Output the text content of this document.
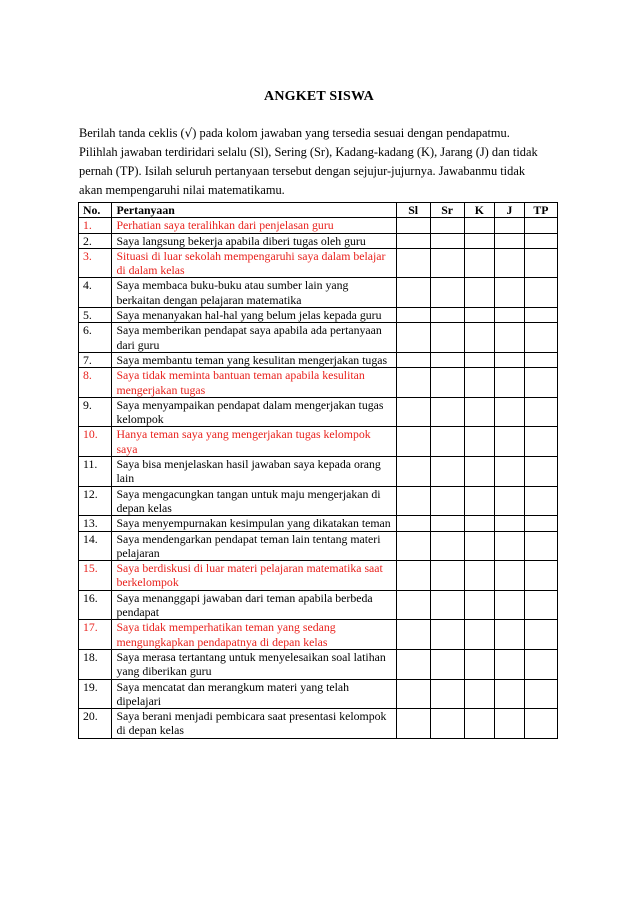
ANGKET SISWA

Berilah tanda ceklis (√) pada kolom jawaban yang tersedia sesuai dengan pendapatmu.

Pilihlah jawaban terdiridari selalu (Sl), Sering (Sr), Kadang-kadang (K), Jarang (J) dan tidak

pernah (TP). Isilah seluruh pertanyaan tersebut dengan sejujur-jujurnya. Jawabanmu tidak

akan mempengaruhi nilai matematikamu.

No.	Pertanyaan	Sl	Sr	K	J	TP
1.	Perhatian saya teralihkan dari penjelasan guru					
2.	Saya langsung bekerja apabila diberi tugas oleh guru					
3.	Situasi di luar sekolah mempengaruhi saya dalam belajar di dalam kelas					
4.	Saya membaca buku-buku atau sumber lain yang berkaitan dengan pelajaran matematika					
5.	Saya menanyakan hal-hal yang belum jelas kepada guru					
6.	Saya memberikan pendapat saya apabila ada pertanyaan dari guru					
7.	Saya membantu teman yang kesulitan mengerjakan tugas					
8.	Saya tidak meminta bantuan teman apabila kesulitan mengerjakan tugas					
9.	Saya menyampaikan pendapat dalam mengerjakan tugas kelompok					
10.	Hanya teman saya yang mengerjakan tugas kelompok saya					
11.	Saya bisa menjelaskan hasil jawaban saya kepada orang lain					
12.	Saya mengacungkan tangan untuk maju mengerjakan di depan kelas					
13.	Saya menyempurnakan kesimpulan yang dikatakan teman					
14.	Saya mendengarkan pendapat teman lain tentang materi pelajaran					
15.	Saya berdiskusi di luar materi pelajaran matematika saat berkelompok					
16.	Saya menanggapi jawaban dari teman apabila berbeda pendapat					
17.	Saya tidak memperhatikan teman yang sedang mengungkapkan pendapatnya di depan kelas					
18.	Saya merasa tertantang untuk menyelesaikan soal latihan yang diberikan guru					
19.	Saya mencatat dan merangkum materi yang telah dipelajari					
20.	Saya berani menjadi pembicara saat presentasi kelompok di depan kelas					
